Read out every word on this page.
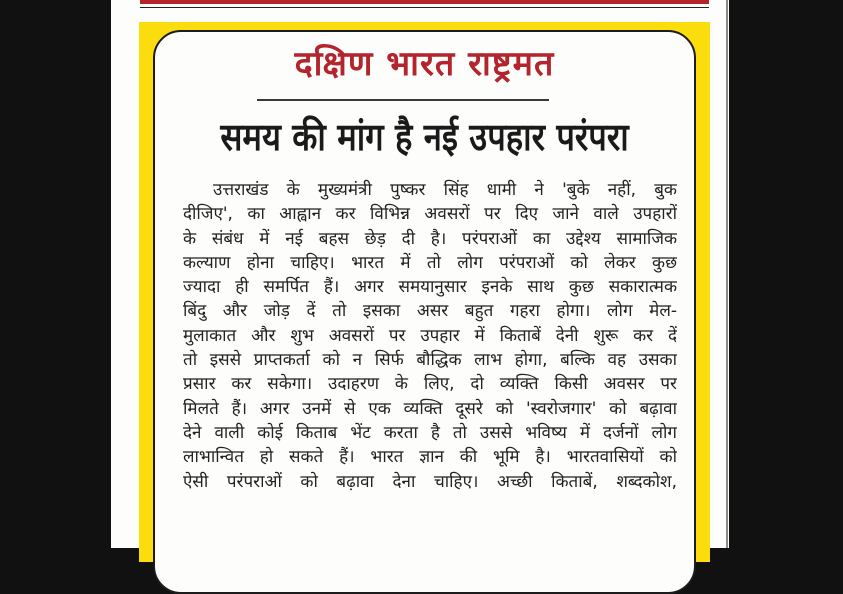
दक्षिण भारत राष्ट्रमत
समय की मांग है नई उपहार परंपरा
उत्तराखंड के मुख्यमंत्री पुष्कर सिंह धामी ने 'बुके नहीं, बुक
दीजिए', का आह्वान कर विभिन्न अवसरों पर दिए जाने वाले उपहारों
के संबंध में नई बहस छेड़ दी है। परंपराओं का उद्देश्य सामाजिक
कल्याण होना चाहिए। भारत में तो लोग परंपराओं को लेकर कुछ
ज्यादा ही समर्पित हैं। अगर समयानुसार इनके साथ कुछ सकारात्मक
बिंदु और जोड़ दें तो इसका असर बहुत गहरा होगा। लोग मेल-
मुलाकात और शुभ अवसरों पर उपहार में किताबें देनी शुरू कर दें
तो इससे प्राप्तकर्ता को न सिर्फ बौद्धिक लाभ होगा, बल्कि वह उसका
प्रसार कर सकेगा। उदाहरण के लिए, दो व्यक्ति किसी अवसर पर
मिलते हैं। अगर उनमें से एक व्यक्ति दूसरे को 'स्वरोजगार' को बढ़ावा
देने वाली कोई किताब भेंट करता है तो उससे भविष्य में दर्जनों लोग
लाभान्वित हो सकते हैं। भारत ज्ञान की भूमि है। भारतवासियों को
ऐसी परंपराओं को बढ़ावा देना चाहिए। अच्छी किताबें, शब्दकोश,
